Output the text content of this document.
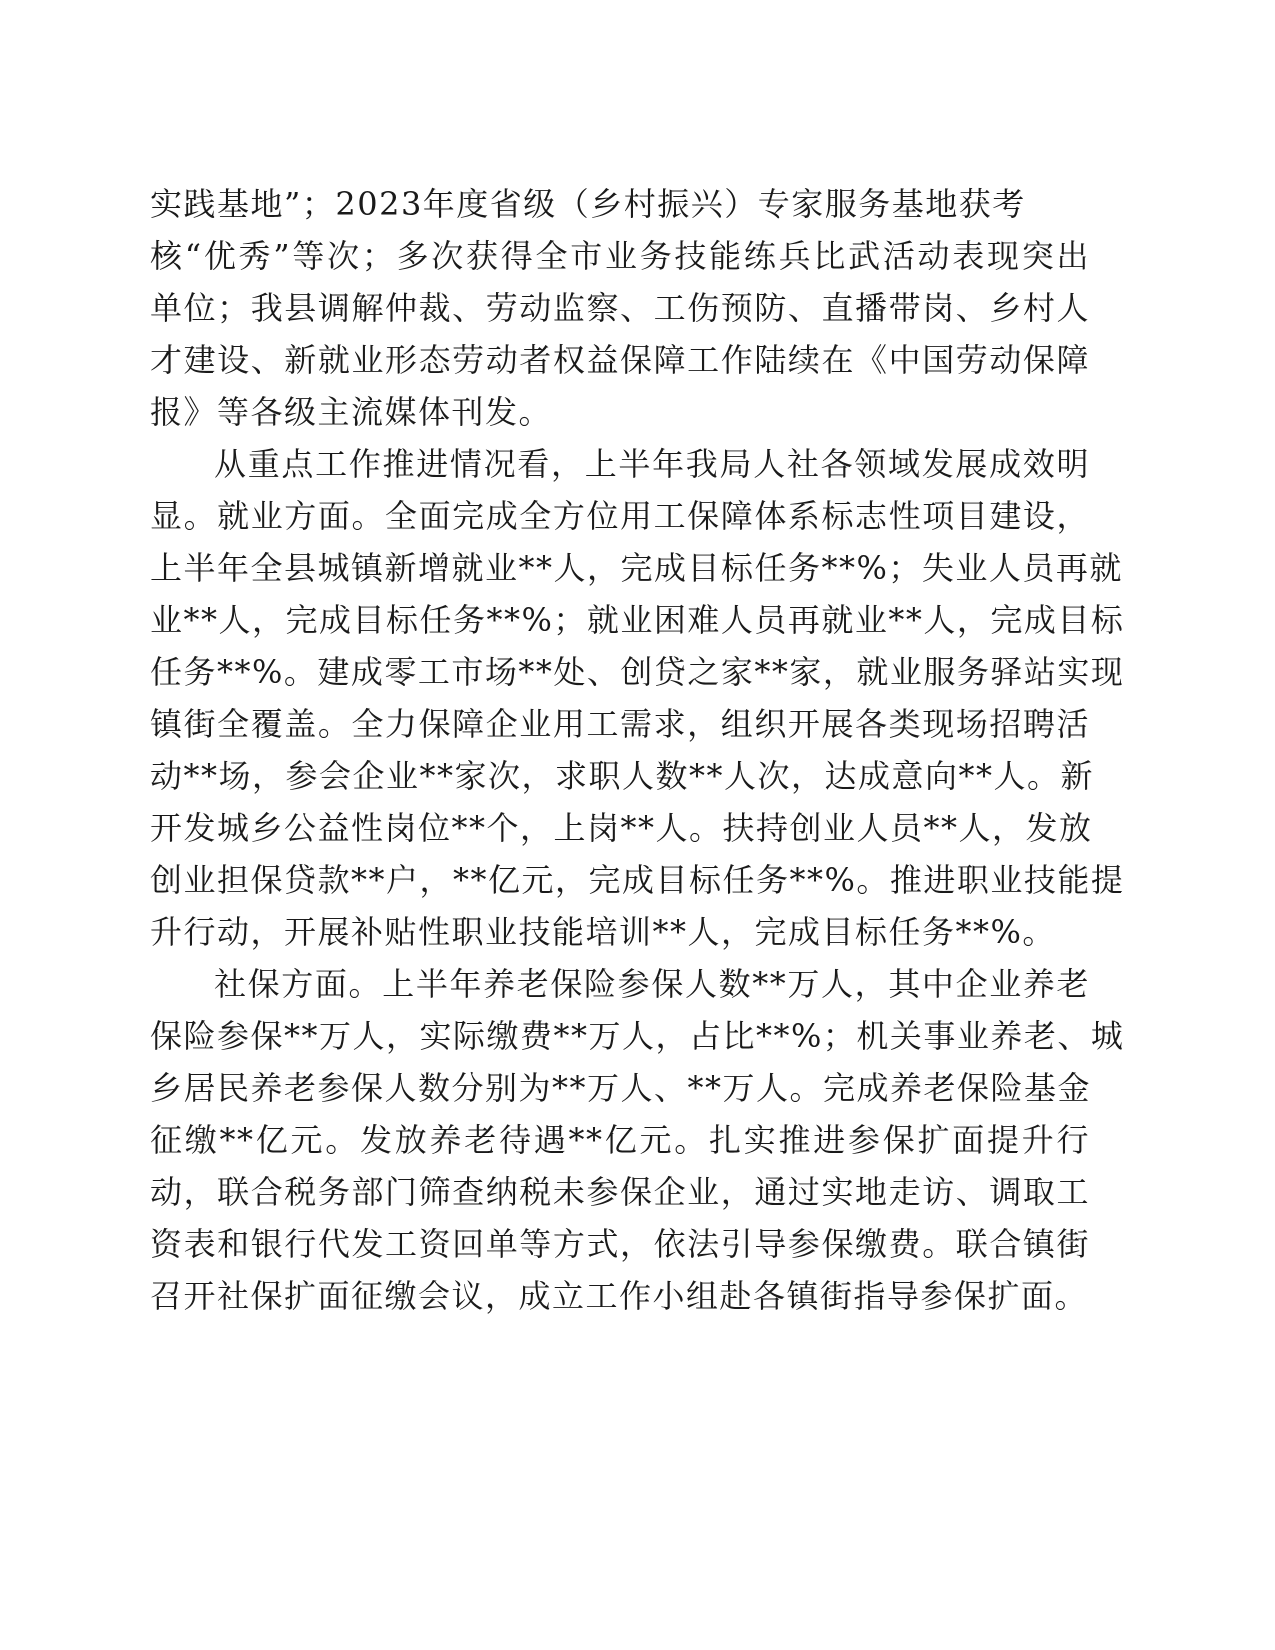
实践基地”；2023年度省级（乡村振兴）专家服务基地获考
核“优秀”等次；多次获得全市业务技能练兵比武活动表现突出
单位；我县调解仲裁、劳动监察、工伤预防、直播带岗、乡村人
才建设、新就业形态劳动者权益保障工作陆续在《中国劳动保障
报》等各级主流媒体刊发。
从重点工作推进情况看，上半年我局人社各领域发展成效明
显。就业方面。全面完成全方位用工保障体系标志性项目建设，
上半年全县城镇新增就业**人，完成目标任务**%；失业人员再就
业**人，完成目标任务**%；就业困难人员再就业**人，完成目标
任务**%。建成零工市场**处、创贷之家**家，就业服务驿站实现
镇街全覆盖。全力保障企业用工需求，组织开展各类现场招聘活
动**场，参会企业**家次，求职人数**人次，达成意向**人。新
开发城乡公益性岗位**个，上岗**人。扶持创业人员**人，发放
创业担保贷款**户，**亿元，完成目标任务**%。推进职业技能提
升行动，开展补贴性职业技能培训**人，完成目标任务**%。
社保方面。上半年养老保险参保人数**万人，其中企业养老
保险参保**万人，实际缴费**万人，占比**%；机关事业养老、城
乡居民养老参保人数分别为**万人、**万人。完成养老保险基金
征缴**亿元。发放养老待遇**亿元。扎实推进参保扩面提升行
动，联合税务部门筛查纳税未参保企业，通过实地走访、调取工
资表和银行代发工资回单等方式，依法引导参保缴费。联合镇街
召开社保扩面征缴会议，成立工作小组赴各镇街指导参保扩面。
